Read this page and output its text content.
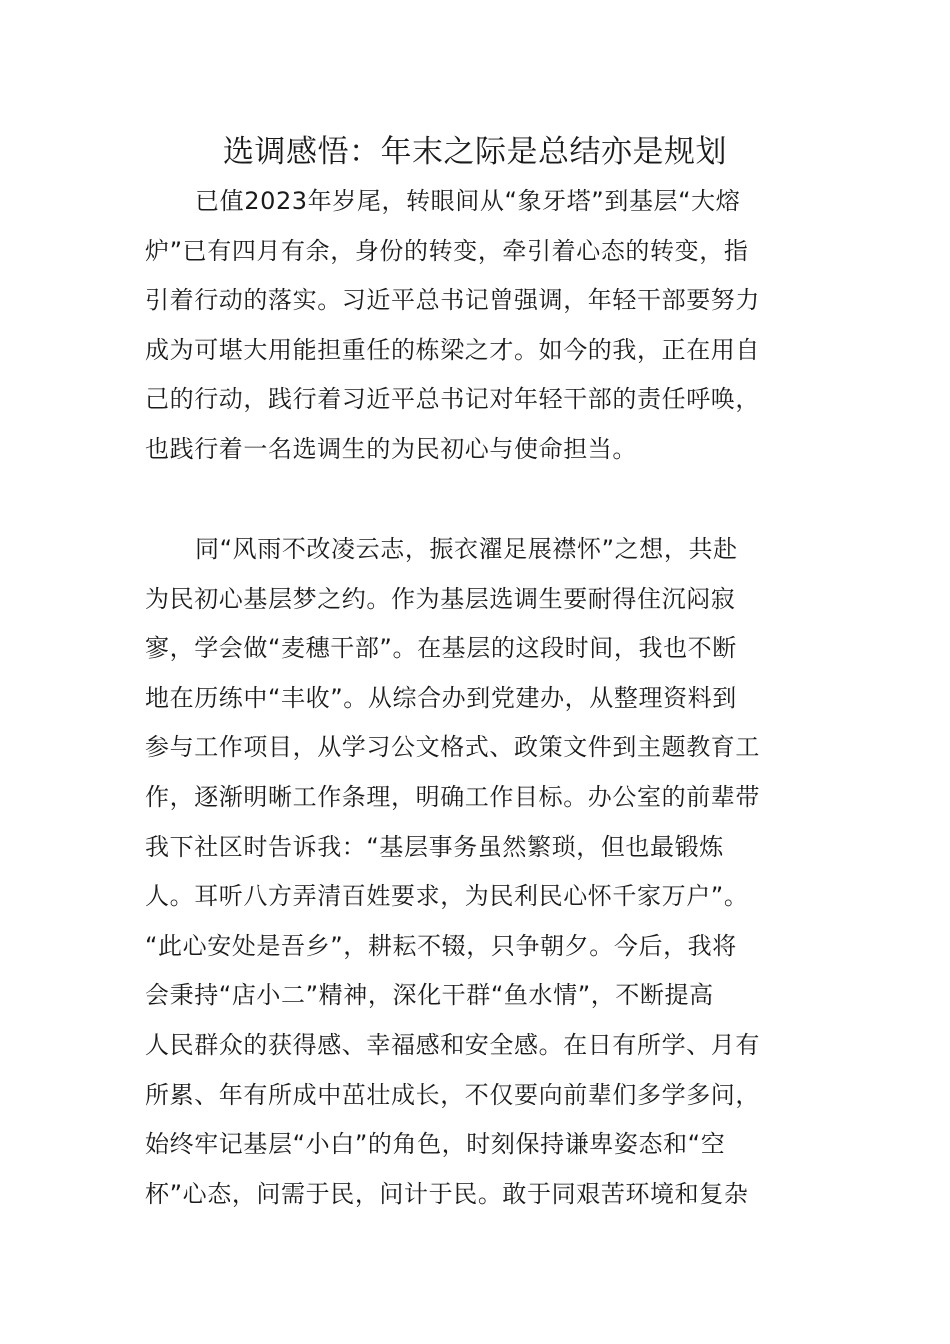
选调感悟：年末之际是总结亦是规划
已值2023年岁尾，转眼间从“象牙塔”到基层“大熔
炉”已有四月有余，身份的转变，牵引着心态的转变，指
引着行动的落实。习近平总书记曾强调，年轻干部要努力
成为可堪大用能担重任的栋梁之才。如今的我，正在用自
己的行动，践行着习近平总书记对年轻干部的责任呼唤，
也践行着一名选调生的为民初心与使命担当。
同“风雨不改凌云志，振衣濯足展襟怀”之想，共赴
为民初心基层梦之约。作为基层选调生要耐得住沉闷寂
寥，学会做“麦穗干部”。在基层的这段时间，我也不断
地在历练中“丰收”。从综合办到党建办，从整理资料到
参与工作项目，从学习公文格式、政策文件到主题教育工
作，逐渐明晰工作条理，明确工作目标。办公室的前辈带
我下社区时告诉我：“基层事务虽然繁琐，但也最锻炼
人。耳听八方弄清百姓要求，为民利民心怀千家万户”。
“此心安处是吾乡”，耕耘不辍，只争朝夕。今后，我将
会秉持“店小二”精神，深化干群“鱼水情”，不断提高
人民群众的获得感、幸福感和安全感。在日有所学、月有
所累、年有所成中茁壮成长，不仅要向前辈们多学多问，
始终牢记基层“小白”的角色，时刻保持谦卑姿态和“空
杯”心态，问需于民，问计于民。敢于同艰苦环境和复杂
